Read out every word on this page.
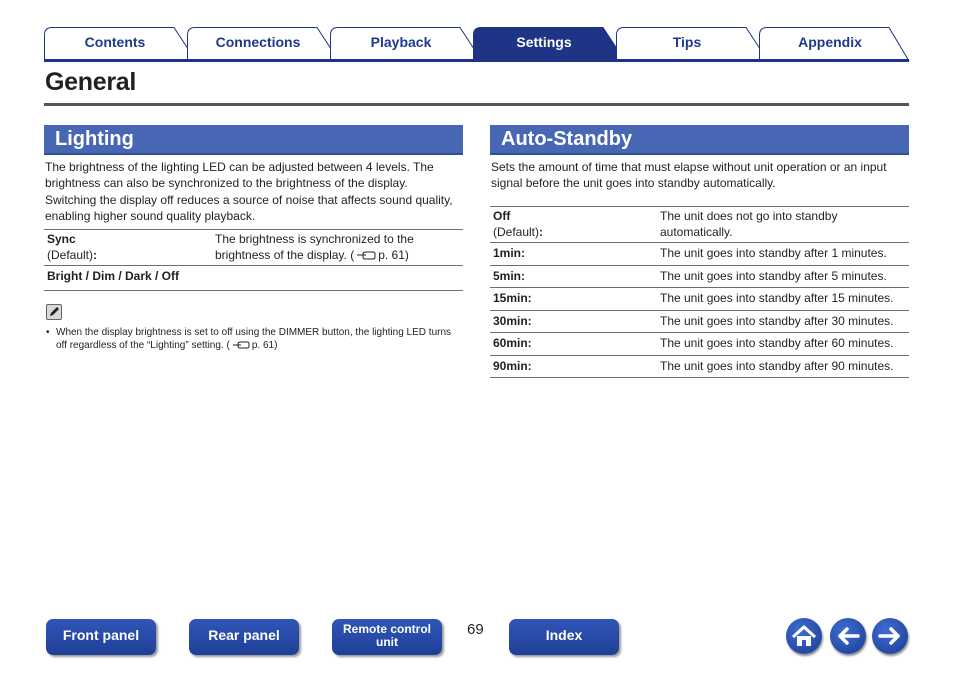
Contents	Connections	Playback	Settings	Tips	Appendix
General
Lighting
The brightness of the lighting LED can be adjusted between 4 levels. The brightness can also be synchronized to the brightness of the display.
Switching the display off reduces a source of noise that affects sound quality, enabling higher sound quality playback.
Sync
(Default):
	The brightness is synchronized to the brightness of the display. ( p. 61)
Bright / Dim / Dark / Off
• When the display brightness is set to off using the DIMMER button, the lighting LED turns off regardless of the “Lighting” setting. ( p. 61)
Auto-Standby
Sets the amount of time that must elapse without unit operation or an input signal before the unit goes into standby automatically.
Off
(Default):	The unit does not go into standby automatically.
1min:	The unit goes into standby after 1 minutes.
5min:	The unit goes into standby after 5 minutes.
15min:	The unit goes into standby after 15 minutes.
30min:	The unit goes into standby after 30 minutes.
60min:	The unit goes into standby after 60 minutes.
90min:	The unit goes into standby after 90 minutes.
Front panel	Rear panel	Remote control
unit
69	Index
